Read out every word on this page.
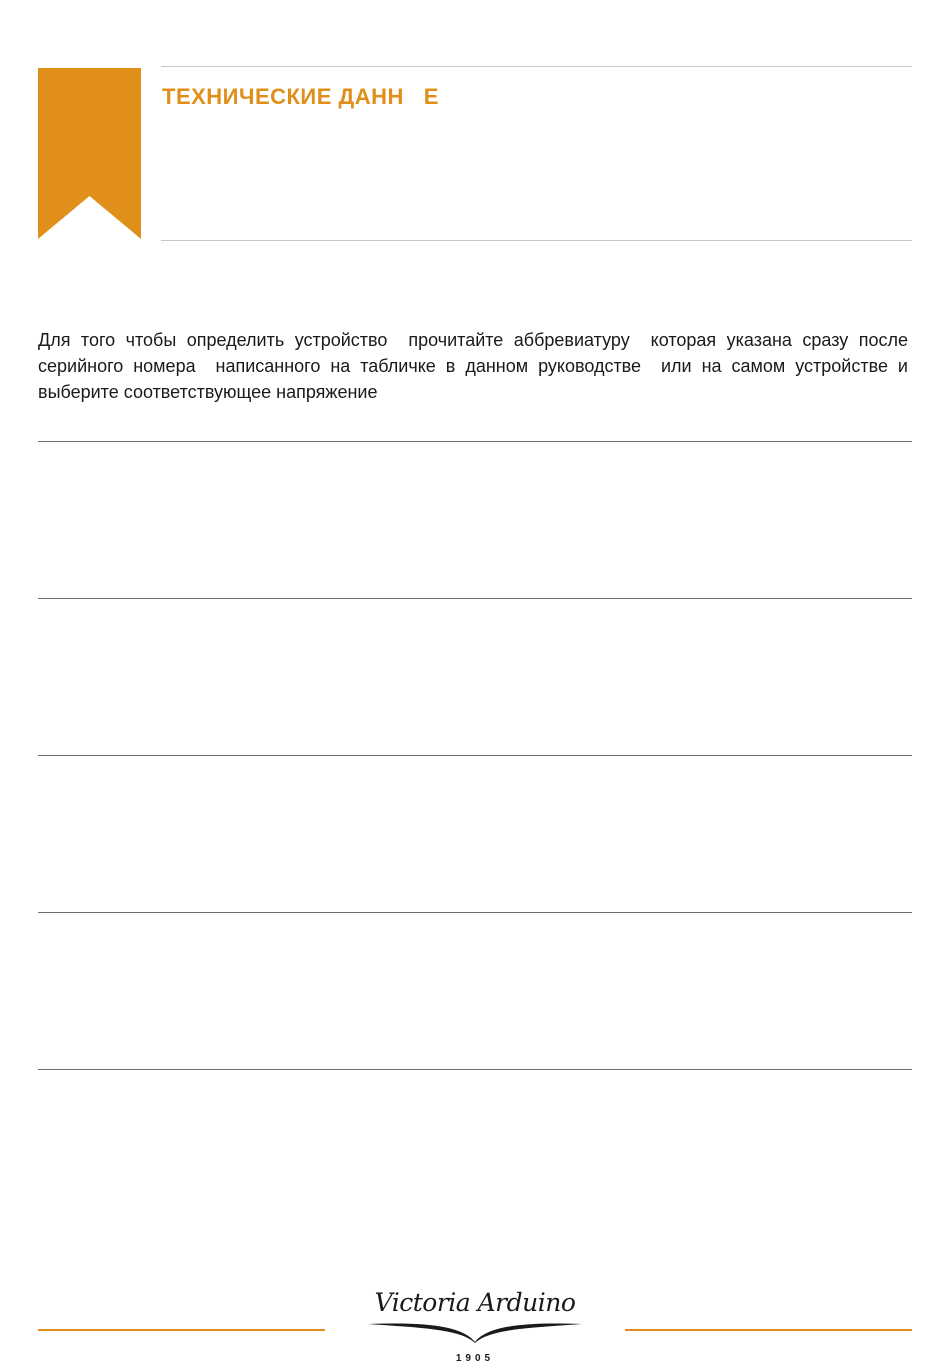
ТЕХНИЧЕСКИЕ ДАНН   Е

Для того чтобы определить устройство  прочитайте аббревиатуру  которая указана сразу после серийного номера  написанного на табличке в данном руководстве  или на самом устройстве и выберите соответствующее напряжение

Victoria Arduino
1905
